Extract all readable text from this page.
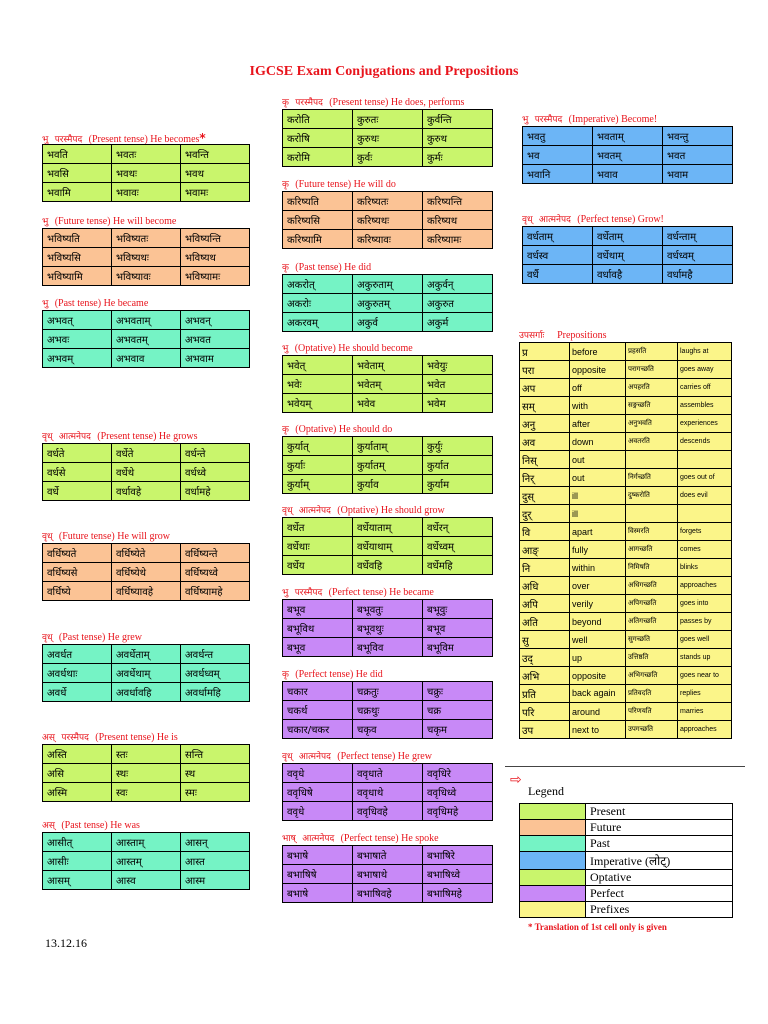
IGCSE Exam Conjugations and Prepositions
भु परस्मैपद (Present tense) He becomes*
भवति	भवतः	भवन्ति
भवसि	भवथः	भवथ
भवामि	भवावः	भवामः
भु (Future tense) He will become
भविष्यति	भविष्यतः	भविष्यन्ति
भविष्यसि	भविष्यथः	भविष्यथ
भविष्यामि	भविष्यावः	भविष्यामः
भु (Past tense) He became
अभवत्	अभवताम्	अभवन्
अभवः	अभवतम्	अभवत
अभवम्	अभवाव	अभवाम
वृध् आत्मनेपद (Present tense) He grows
वर्धते	वर्धेते	वर्धन्ते
वर्धसे	वर्धेथे	वर्धध्वे
वर्धे	वर्धावहे	वर्धामहे
वृध् (Future tense) He will grow
वर्धिष्यते	वर्धिष्येते	वर्धिष्यन्ते
वर्धिष्यसे	वर्धिष्येथे	वर्धिष्यध्वे
वर्धिष्ये	वर्धिष्यावहे	वर्धिष्यामहे
वृध् (Past tense) He grew
अवर्धत	अवर्धेताम्	अवर्धन्त
अवर्धथाः	अवर्धेथाम्	अवर्धध्वम्
अवर्धे	अवर्धावहि	अवर्धामहि
अस् परस्मैपद (Present tense) He is
अस्ति	स्तः	सन्ति
असि	स्थः	स्थ
अस्मि	स्वः	स्मः
अस् (Past tense) He was
आसीत्	आस्ताम्	आसन्
आसीः	आस्तम्	आस्त
आसम्	आस्व	आस्म
कृ परस्मैपद (Present tense) He does, performs
करोति	कुरुतः	कुर्वन्ति
करोषि	कुरुथः	कुरुथ
करोमि	कुर्वः	कुर्मः
कृ (Future tense) He will do
करिष्यति	करिष्यतः	करिष्यन्ति
करिष्यसि	करिष्यथः	करिष्यथ
करिष्यामि	करिष्यावः	करिष्यामः
कृ (Past tense) He did
अकरोत्	अकुरुताम्	अकुर्वन्
अकरोः	अकुरुतम्	अकुरुत
अकरवम्	अकुर्व	अकुर्म
भु (Optative) He should become
भवेत्	भवेताम्	भवेयुः
भवेः	भवेतम्	भवेत
भवेयम्	भवेव	भवेम
कृ (Optative) He should do
कुर्यात्	कुर्याताम्	कुर्युः
कुर्याः	कुर्यातम्	कुर्यात
कुर्याम्	कुर्याव	कुर्याम
वृध् आत्मनेपद (Optative) He should grow
वर्धेत	वर्धेयाताम्	वर्धेरन्
वर्धेथाः	वर्धेयाथाम्	वर्धेध्वम्
वर्धेय	वर्धेवहि	वर्धेमहि
भु परस्मैपद (Perfect tense) He became
बभूव	बभूवतुः	बभूवुः
बभूविथ	बभूवथुः	बभूव
बभूव	बभूविव	बभूविम
कृ (Perfect tense) He did
चकार	चक्रतुः	चक्रुः
चकर्थ	चक्रथुः	चक्र
चकार/चकर	चकृव	चकृम
वृध् आत्मनेपद (Perfect tense) He grew
ववृधे	ववृधाते	ववृधिरे
ववृधिषे	ववृधाथे	ववृधिध्वे
ववृधे	ववृधिवहे	ववृधिमहे
भाष् आत्मनेपद (Perfect tense) He spoke
बभाषे	बभाषाते	बभाषिरे
बभाषिषे	बभाषाथे	बभाषिध्वे
बभाषे	बभाषिवहे	बभाषिमहे
भु परस्मैपद (Imperative) Become!
भवतु	भवताम्	भवन्तु
भव	भवतम्	भवत
भवानि	भवाव	भवाम
वृध् आत्मनेपद (Perfect tense) Grow!
वर्धताम्	वर्धेताम्	वर्धन्ताम्
वर्धस्व	वर्धेथाम्	वर्धध्वम्
वर्धै	वर्धावहै	वर्धामहै
उपसर्गाः Prepositions
प्र	before	प्रहसति	laughs at
परा	opposite	परागच्छति	goes away
अप	off	अपहरति	carries off
सम्	with	सङ्गच्छति	assembles
अनु	after	अनुभवति	experiences
अव	down	अवतरति	descends
निस्	out		
निर्	out	निर्गच्छति	goes out of
दुस्	ill	दुष्करोति	does evil
दुर्	ill		
वि	apart	विस्मरति	forgets
आङ्	fully	आगच्छति	comes
नि	within	निमिषति	blinks
अधि	over	अधिगच्छति	approaches
अपि	verily	अपिगच्छति	goes into
अति	beyond	अतिगच्छति	passes by
सु	well	सुगच्छति	goes well
उद्	up	उत्तिष्ठति	stands up
अभि	opposite	अभिगच्छति	goes near to
प्रति	back again	प्रतिवदति	replies
परि	around	परिणयति	marries
उप	next to	उपगच्छति	approaches
⇨
Legend
	Present
	Future
	Past
	Imperative (लोट्)
	Optative
	Perfect
	Prefixes
* Translation of 1st cell only is given
13.12.16
